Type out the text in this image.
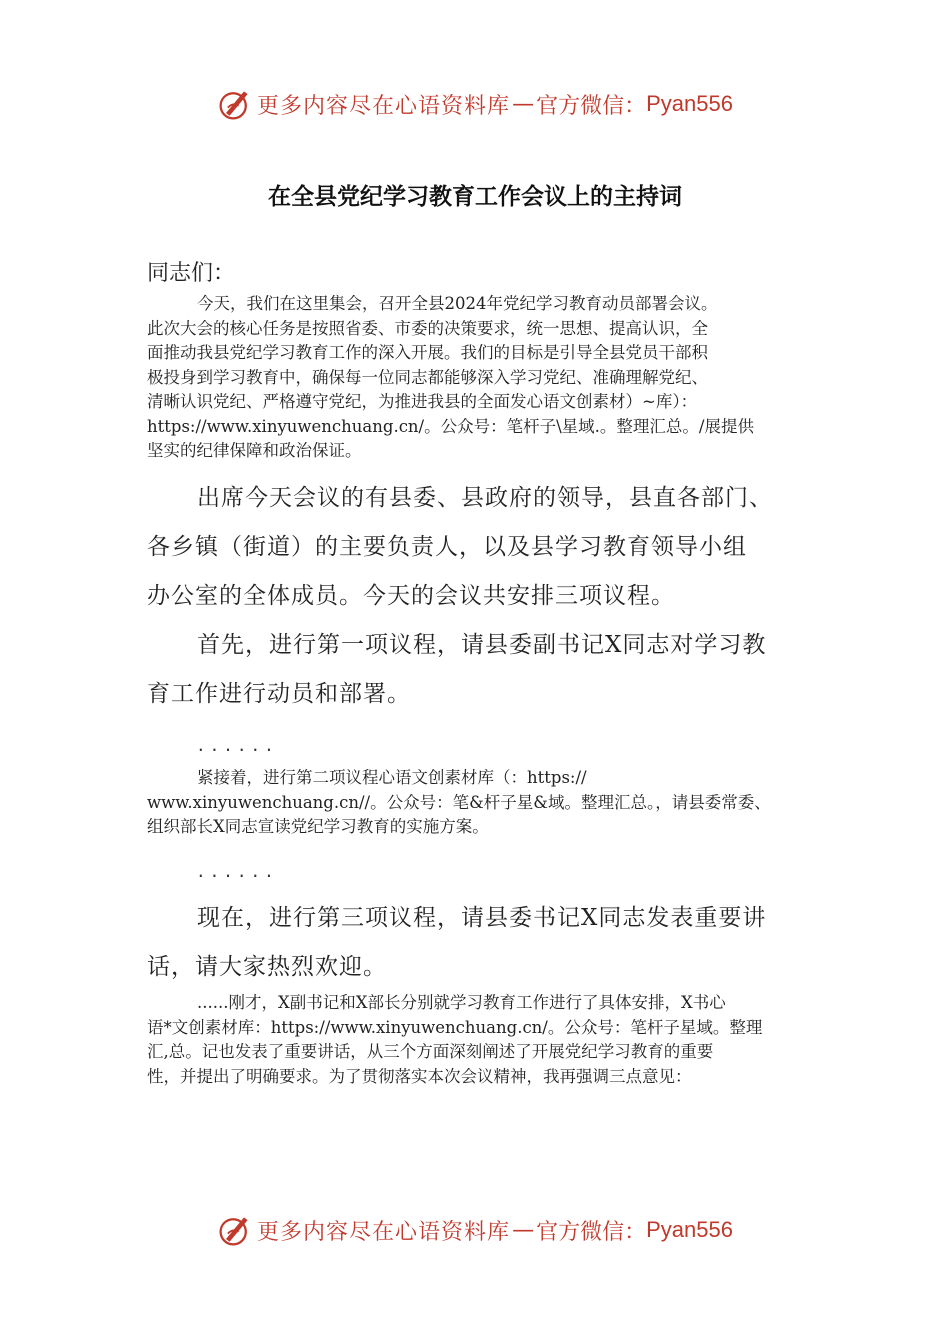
更多内容尽在心语资料库 — 官方微信： Pyan556
在全县党纪学习教育工作会议上的主持词
同志们：
今天，我们在这里集会，召开全县2024年党纪学习教育动员部署会议。
此次大会的核心任务是按照省委、市委的决策要求，统一思想、提高认识，全
面推动我县党纪学习教育工作的深入开展。我们的目标是引导全县党员干部积
极投身到学习教育中，确保每一位同志都能够深入学习党纪、准确理解党纪、
清晰认识党纪、严格遵守党纪，为推进我县的全面发心语文创素材）~库）：
https://www.xinyuwenchuang.cn/。公众号：笔杆子\星域.。整理汇总。/展提供
坚实的纪律保障和政治保证。
出席今天会议的有县委、县政府的领导，县直各部门、
各乡镇（街道）的主要负责人，以及县学习教育领导小组
办公室的全体成员。今天的会议共安排三项议程。
首先，进行第一项议程，请县委副书记X同志对学习教
育工作进行动员和部署。
......
紧接着，进行第二项议程心语文创素材库（：https://
www.xinyuwenchuang.cn//。公众号：笔&杆子星&域。整理汇总。，请县委常委、
组织部长X同志宣读党纪学习教育的实施方案。
......
现在，进行第三项议程，请县委书记X同志发表重要讲
话，请大家热烈欢迎。
......刚才，X副书记和X部长分别就学习教育工作进行了具体安排，X书心
语*文创素材库：https://www.xinyuwenchuang.cn/。公众号：笔杆子星域。整理
汇,总。记也发表了重要讲话，从三个方面深刻阐述了开展党纪学习教育的重要
性，并提出了明确要求。为了贯彻落实本次会议精神，我再强调三点意见：
更多内容尽在心语资料库 — 官方微信： Pyan556
